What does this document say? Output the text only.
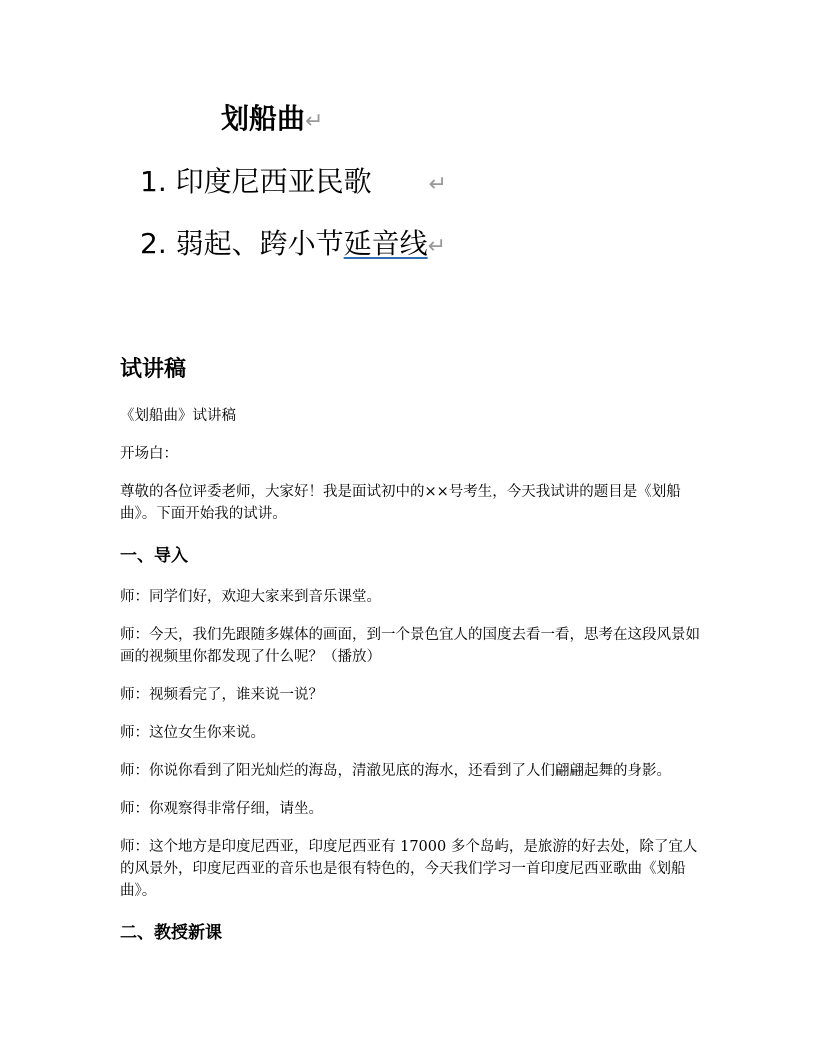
划船曲↵
1. 印度尼西亚民歌	↵
2. 弱起、跨小节延音线↵
试讲稿

《划船曲》试讲稿

开场白：

尊敬的各位评委老师，大家好！我是面试初中的××号考生，今天我试讲的题目是《划船曲》。下面开始我的试讲。

一、导入

师：同学们好，欢迎大家来到音乐课堂。

师：今天，我们先跟随多媒体的画面，到一个景色宜人的国度去看一看，思考在这段风景如画的视频里你都发现了什么呢？（播放）

师：视频看完了，谁来说一说？

师：这位女生你来说。

师：你说你看到了阳光灿烂的海岛，清澈见底的海水，还看到了人们翩翩起舞的身影。

师：你观察得非常仔细，请坐。

师：这个地方是印度尼西亚，印度尼西亚有 17000 多个岛屿，是旅游的好去处，除了宜人的风景外，印度尼西亚的音乐也是很有特色的，今天我们学习一首印度尼西亚歌曲《划船曲》。

二、教授新课
